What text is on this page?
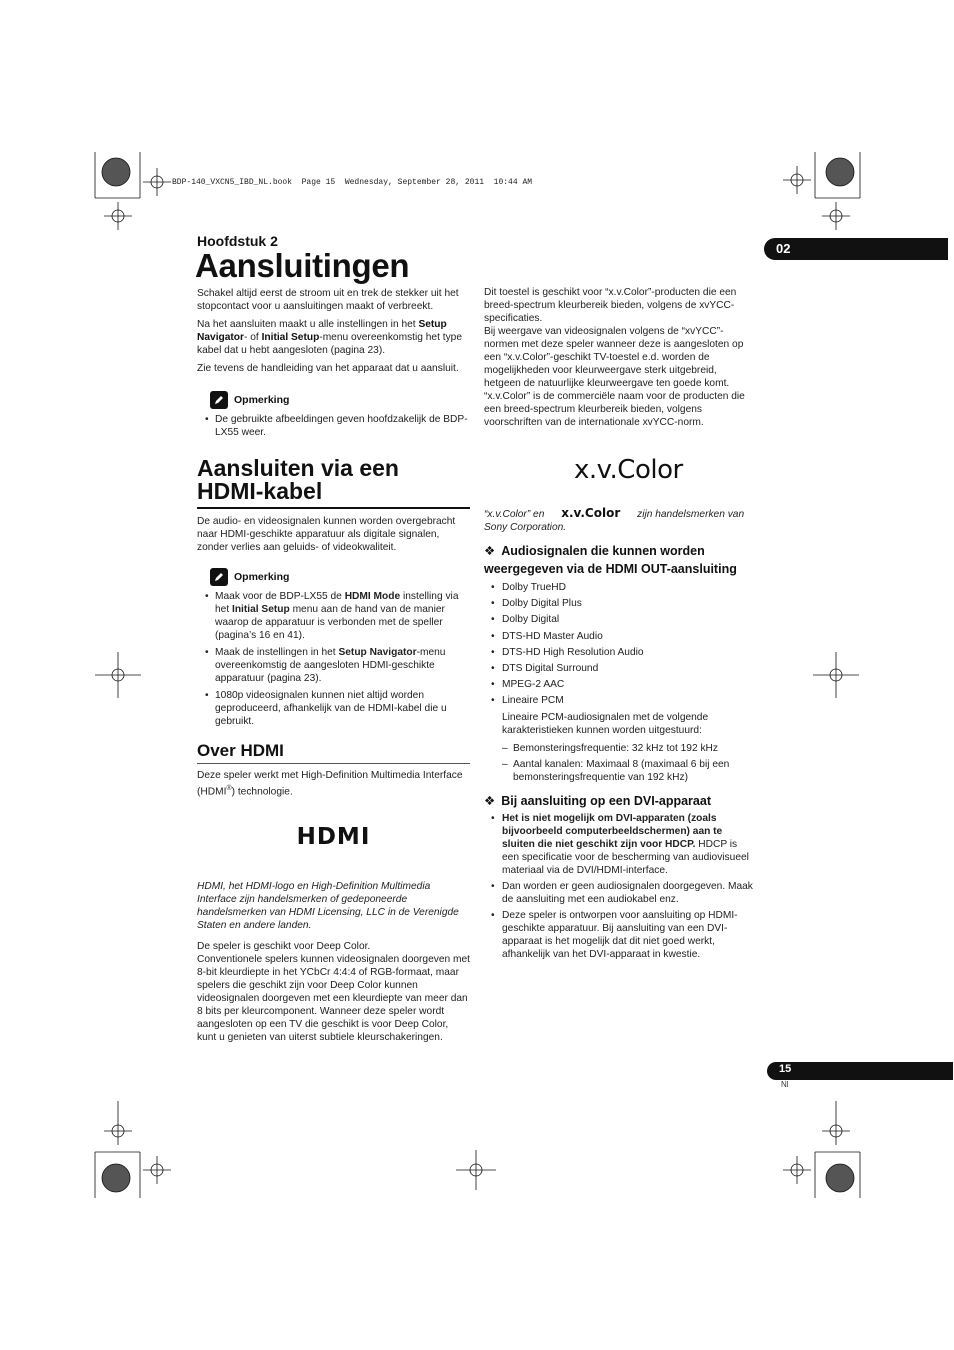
BDP-140_VXCN5_IBD_NL.book  Page 15  Wednesday, September 28, 2011  10:44 AM
02
Hoofdstuk 2
Aansluitingen

Schakel altijd eerst de stroom uit en trek de stekker uit het stopcontact voor u aansluitingen maakt of verbreekt.

Na het aansluiten maakt u alle instellingen in het Setup Navigator- of Initial Setup-menu overeenkomstig het type kabel dat u hebt aangesloten (pagina 23).

Zie tevens de handleiding van het apparaat dat u aansluit.

Opmerking
• De gebruikte afbeeldingen geven hoofdzakelijk de BDP-LX55 weer.
Aansluiten via een
HDMI-kabel

De audio- en videosignalen kunnen worden overgebracht naar HDMI-geschikte apparatuur als digitale signalen, zonder verlies aan geluids- of videokwaliteit.

Opmerking
• Maak voor de BDP-LX55 de HDMI Mode instelling via het Initial Setup menu aan de hand van de manier waarop de apparatuur is verbonden met de speller (pagina’s 16 en 41).
• Maak de instellingen in het Setup Navigator-menu overeenkomstig de aangesloten HDMI-geschikte apparatuur (pagina 23).
• 1080p videosignalen kunnen niet altijd worden geproduceerd, afhankelijk van de HDMI-kabel die u gebruikt.
Over HDMI

Deze speler werkt met High-Definition Multimedia Interface (HDMI®) technologie.

HDMI

HDMI, het HDMI-logo en High-Definition Multimedia Interface zijn handelsmerken of gedeponeerde handelsmerken van HDMI Licensing, LLC in de Verenigde Staten en andere landen.

De speler is geschikt voor Deep Color.
Conventionele spelers kunnen videosignalen doorgeven met 8-bit kleurdiepte in het YCbCr 4:4:4 of RGB-formaat, maar spelers die geschikt zijn voor Deep Color kunnen videosignalen doorgeven met een kleurdiepte van meer dan 8 bits per kleurcomponent. Wanneer deze speler wordt aangesloten op een TV die geschikt is voor Deep Color, kunt u genieten van uiterst subtiele kleurschakeringen.

Dit toestel is geschikt voor “x.v.Color”-producten die een breed-spectrum kleurbereik bieden, volgens de xvYCC-specificaties.
Bij weergave van videosignalen volgens de “xvYCC”-normen met deze speler wanneer deze is aangesloten op een “x.v.Color”-geschikt TV-toestel e.d. worden de mogelijkheden voor kleurweergave sterk uitgebreid, hetgeen de natuurlijke kleurweergave ten goede komt. “x.v.Color” is de commerciële naam voor de producten die een breed-spectrum kleurbereik bieden, volgens voorschriften van de internationale xvYCC-norm.

x.v.Color

“x.v.Color” en x.v.Color zijn handelsmerken van
Sony Corporation.

❖ Audiosignalen die kunnen worden weergegeven via de HDMI OUT-aansluiting
• Dolby TrueHD
• Dolby Digital Plus
• Dolby Digital
• DTS-HD Master Audio
• DTS-HD High Resolution Audio
• DTS Digital Surround
• MPEG-2 AAC
• Lineaire PCM

Lineaire PCM-audiosignalen met de volgende karakteristieken kunnen worden uitgestuurd:

– Bemonsteringsfrequentie: 32 kHz tot 192 kHz
– Aantal kanalen: Maximaal 8 (maximaal 6 bij een bemonsteringsfrequentie van 192 kHz)
❖ Bij aansluiting op een DVI-apparaat
• Het is niet mogelijk om DVI-apparaten (zoals bijvoorbeeld computerbeeldschermen) aan te sluiten die niet geschikt zijn voor HDCP. HDCP is een specificatie voor de bescherming van audiovisueel materiaal via de DVI/HDMI-interface.
• Dan worden er geen audiosignalen doorgegeven. Maak de aansluiting met een audiokabel enz.
• Deze speler is ontworpen voor aansluiting op HDMI-geschikte apparatuur. Bij aansluiting van een DVI-apparaat is het mogelijk dat dit niet goed werkt, afhankelijk van het DVI-apparaat in kwestie.
15
Nl
